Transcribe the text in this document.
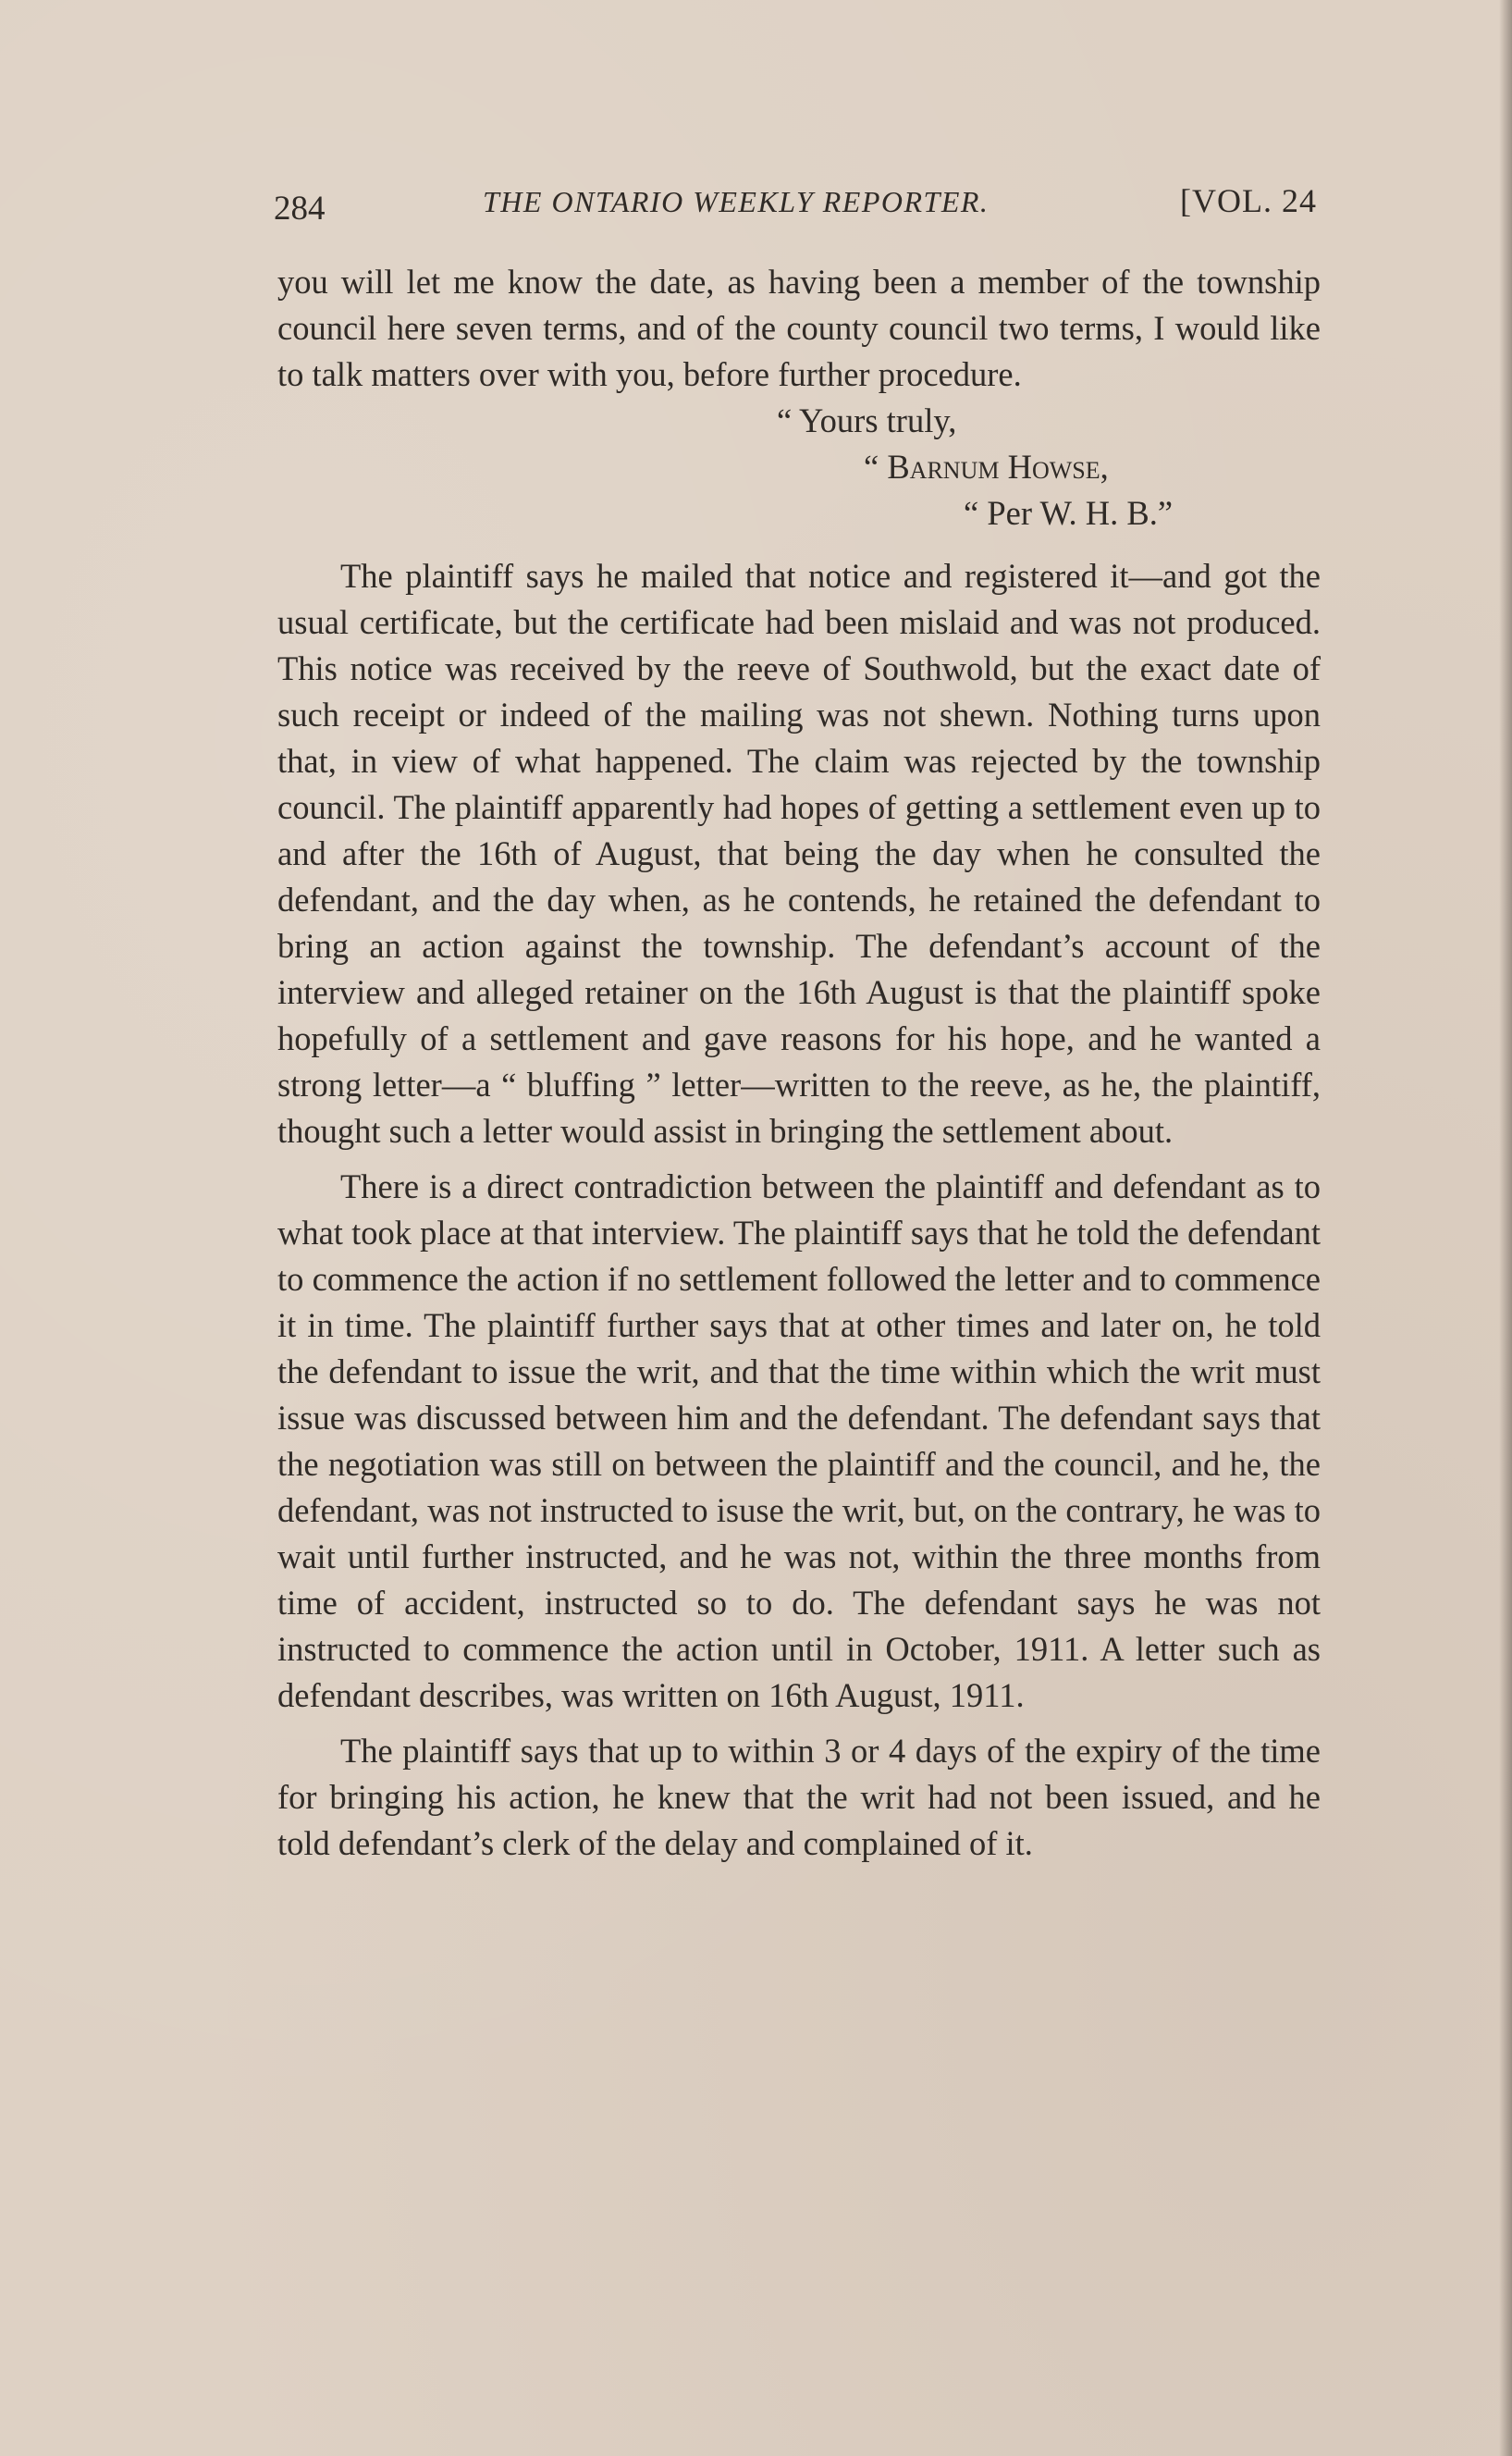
284	THE ONTARIO WEEKLY REPORTER.	[VOL. 24

you will let me know the date, as having been a member of the township council here seven terms, and of the county council two terms, I would like to talk matters over with you, before further procedure.

“ Yours truly,

“ Barnum Howse,

“ Per W. H. B.”

The plaintiff says he mailed that notice and registered it—and got the usual certificate, but the certificate had been mislaid and was not produced. This notice was received by the reeve of Southwold, but the exact date of such receipt or indeed of the mailing was not shewn. Nothing turns upon that, in view of what happened. The claim was rejected by the township council. The plaintiff apparently had hopes of getting a settlement even up to and after the 16th of August, that being the day when he consulted the defendant, and the day when, as he contends, he retained the defendant to bring an action against the township. The defendant’s account of the interview and alleged retainer on the 16th August is that the plaintiff spoke hopefully of a settlement and gave reasons for his hope, and he wanted a strong letter—a “ bluffing ” letter—written to the reeve, as he, the plaintiff, thought such a letter would assist in bringing the settlement about.

There is a direct contradiction between the plaintiff and defendant as to what took place at that interview. The plaintiff says that he told the defendant to commence the action if no settlement followed the letter and to commence it in time. The plaintiff further says that at other times and later on, he told the defendant to issue the writ, and that the time within which the writ must issue was discussed between him and the defendant. The defendant says that the negotiation was still on between the plaintiff and the council, and he, the defendant, was not instructed to isuse the writ, but, on the contrary, he was to wait until further instructed, and he was not, within the three months from time of accident, instructed so to do. The defendant says he was not instructed to commence the action until in October, 1911. A letter such as defendant describes, was written on 16th August, 1911.

The plaintiff says that up to within 3 or 4 days of the expiry of the time for bringing his action, he knew that the writ had not been issued, and he told defendant’s clerk of the delay and complained of it.
